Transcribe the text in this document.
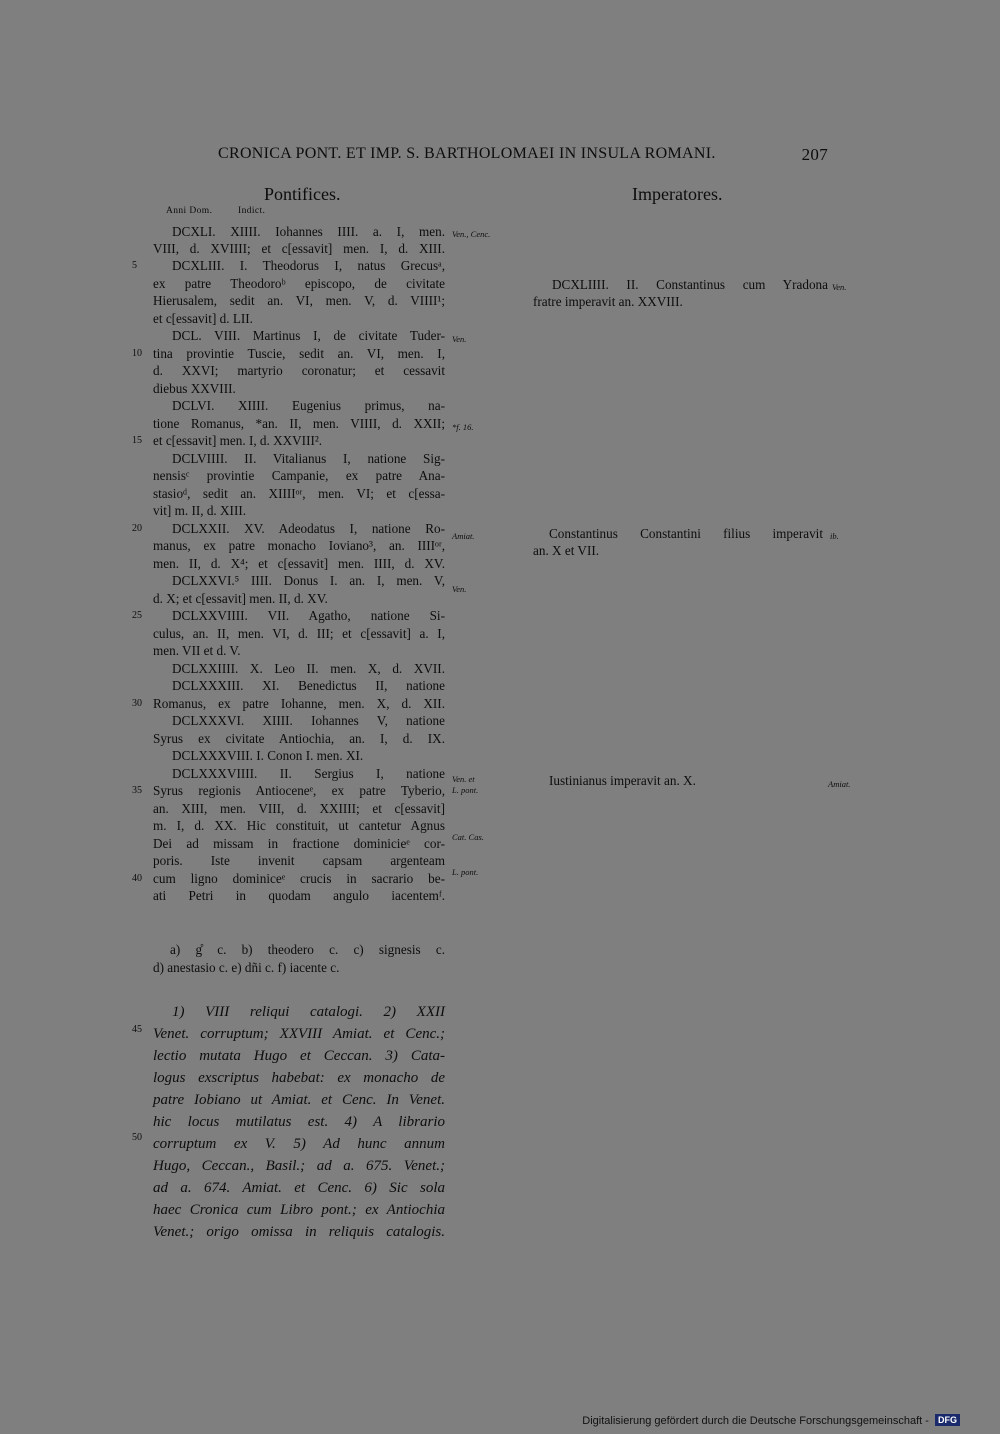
CRONICA PONT. ET IMP. S. BARTHOLOMAEI IN INSULA ROMANI.	207
Pontifices.	Imperatores.
Anni Dom.	Indict.
DCXLI. XIIII. Iohannes IIII. a. I, men.
VIII, d. XVIIII; et c[essavit] men. I, d. XIII.
DCXLIII. I. Theodorus I, natus Grecusᵃ,
ex patre Theodoroᵇ episcopo, de civitate
Hierusalem, sedit an. VI, men. V, d. VIIII¹;
et c[essavit] d. LII.
DCL. VIII. Martinus I, de civitate Tuder-
tina provintie Tuscie, sedit an. VI, men. I,
d. XXVI; martyrio coronatur; et cessavit
diebus XXVIII.
DCLVI. XIIII. Eugenius primus, na-
tione Romanus, *an. II, men. VIIII, d. XXII;
et c[essavit] men. I, d. XXVIII².
DCLVIIII. II. Vitalianus I, natione Sig-
nensisᶜ provintie Campanie, ex patre Ana-
stasioᵈ, sedit an. XIIIIᵒʳ, men. VI; et c[essa-
vit] m. II, d. XIII.
DCLXXII. XV. Adeodatus I, natione Ro-
manus, ex patre monacho Ioviano³, an. IIIIᵒʳ,
men. II, d. X⁴; et c[essavit] men. IIII, d. XV.
DCLXXVI.⁵ IIII. Donus I. an. I, men. V,
d. X; et c[essavit] men. II, d. XV.
DCLXXVIIII. VII. Agatho, natione Si-
culus, an. II, men. VI, d. III; et c[essavit] a. I,
men. VII et d. V.
DCLXXIIII. X. Leo II. men. X, d. XVII.
DCLXXXIII. XI. Benedictus II, natione
Romanus, ex patre Iohanne, men. X, d. XII.
DCLXXXVI. XIIII. Iohannes V, natione
Syrus ex civitate Antiochia, an. I, d. IX.
DCLXXXVIII. I. Conon I. men. XI.
DCLXXXVIIII. II. Sergius I, natione
Syrus regionis Antioceneᵉ, ex patre Tyberio,
an. XIII, men. VIII, d. XXIIII; et c[essavit]
m. I, d. XX. Hic constituit, ut cantetur Agnus
Dei ad missam in fractione dominicieᵉ cor-
poris. Iste invenit capsam argenteam
cum ligno dominiceᵉ crucis in sacrario be-
ati Petri in quodam angulo iacentemᶠ.
5
10
15
20
25
30
35
40
45
50
Ven., Cenc.
Ven.
*f. 16.
Amiat.
Ven.
Ven. et
L. pont.
Cat. Cas.
L. pont.
DCXLIIII. II. Constantinus cum Yradona
fratre imperavit an. XXVIII.
Ven.
Constantinus Constantini filius imperavit
an. X et VII.
ib.
Iustinianus imperavit an. X.	Amiat.
a) g̊ c. b) theodero c. c) signesis c.
d) anestasio c. e) dñi c. f) iacente c.
1) VIII reliqui catalogi. 2) XXII
Venet. corruptum; XXVIII Amiat. et Cenc.;
lectio mutata Hugo et Ceccan. 3) Cata-
logus exscriptus habebat: ex monacho de
patre Iobiano ut Amiat. et Cenc. In Venet.
hic locus mutilatus est. 4) A librario
corruptum ex V. 5) Ad hunc annum
Hugo, Ceccan., Basil.; ad a. 675. Venet.;
ad a. 674. Amiat. et Cenc. 6) Sic sola
haec Cronica cum Libro pont.; ex Antiochia
Venet.; origo omissa in reliquis catalogis.
Digitalisierung gefördert durch die Deutsche Forschungsgemeinschaft - DFG
